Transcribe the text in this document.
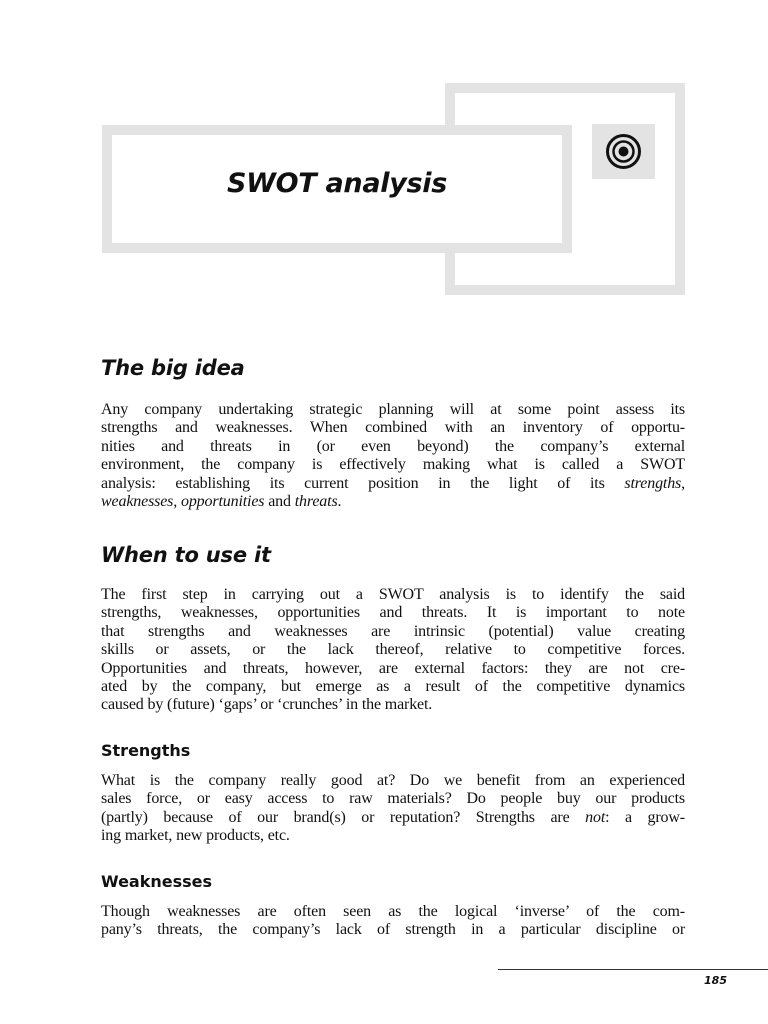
SWOT analysis
The big idea

Any company undertaking strategic planning will at some point assess its
strengths and weaknesses. When combined with an inventory of opportu-
nities and threats in (or even beyond) the company’s external
environment, the company is effectively making what is called a SWOT
analysis: establishing its current position in the light of its strengths,
weaknesses, opportunities and threats.

When to use it

The first step in carrying out a SWOT analysis is to identify the said
strengths, weaknesses, opportunities and threats. It is important to note
that strengths and weaknesses are intrinsic (potential) value creating
skills or assets, or the lack thereof, relative to competitive forces.
Opportunities and threats, however, are external factors: they are not cre-
ated by the company, but emerge as a result of the competitive dynamics
caused by (future) ‘gaps’ or ‘crunches’ in the market.

Strengths

What is the company really good at? Do we benefit from an experienced
sales force, or easy access to raw materials? Do people buy our products
(partly) because of our brand(s) or reputation? Strengths are not: a grow-
ing market, new products, etc.

Weaknesses

Though weaknesses are often seen as the logical ‘inverse’ of the com-
pany’s threats, the company’s lack of strength in a particular discipline or

185
